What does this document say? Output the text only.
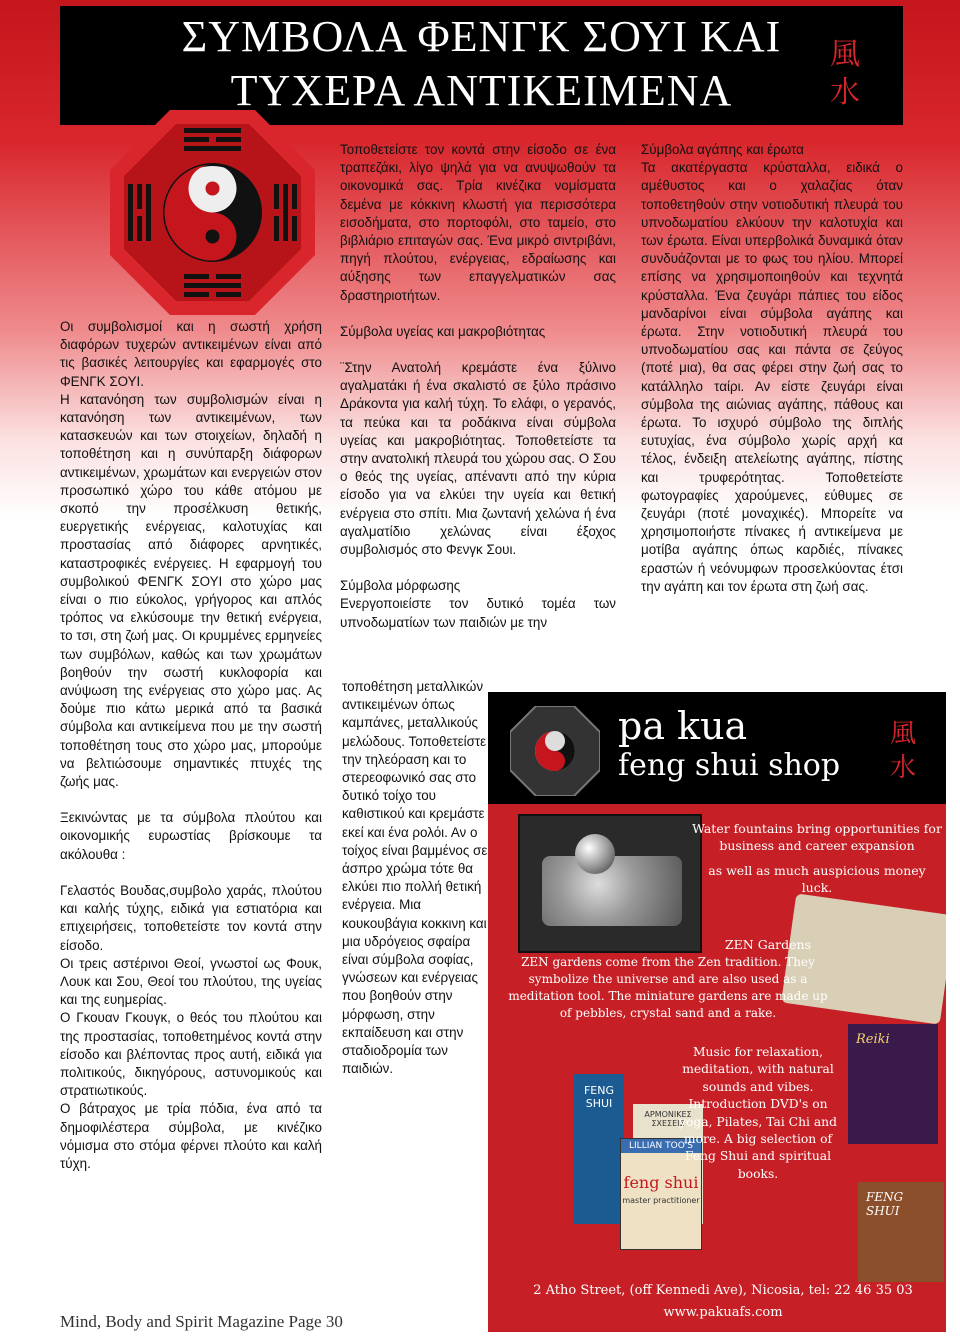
ΣΥΜΒΟΛΑ ΦΕΝΓΚ ΣΟΥΙ ΚΑΙ
ΤΥΧΕΡΑ ΑΝΤΙΚΕΙΜΕΝΑ
風
水

Οι συμβολισμοί και η σωστή χρήση διαφόρων τυχερών αντικειμένων είναι από τις βασικές λειτουργίες και εφαρμογές στο ΦΕΝΓΚ ΣΟΥΙ.

Η κατανόηση των συμβολισμών είναι η κατανόηση των αντικειμένων, των κατασκευών και των στοιχείων, δηλαδή η τοποθέτηση και η συνύπαρξη διάφορων αντικειμένων, χρωμάτων και ενεργειών στον προσωπικό χώρο του κάθε ατόμου με σκοπό την προσέλκυση θετικής, ευεργετικής ενέργειας, καλοτυχίας και προστασίας από διάφορες αρνητικές, καταστροφικές ενέργειες. Η εφαρμογή του συμβολικού ΦΕΝΓΚ ΣΟΥΙ στο χώρο μας είναι ο πιο εύκολος, γρήγορος και απλός τρόπος να ελκύσουμε την θετική ενέργεια, το τσι, στη ζωή μας. Οι κρυμμένες ερμηνείες των συμβόλων, καθώς και των χρωμάτων βοηθούν την σωστή κυκλοφορία και ανύψωση της ενέργειας στο χώρο μας. Ας δούμε πιο κάτω μερικά από τα βασικά σύμβολα και αντικείμενα που με την σωστή τοποθέτηση τους στο χώρο μας, μπορούμε να βελτιώσουμε σημαντικές πτυχές της ζωής μας.

Ξεκινώντας με τα σύμβολα πλούτου και οικονομικής ευρωστίας βρίσκουμε τα ακόλουθα :

Γελαστός Βουδας,συμβολο χαράς, πλούτου και καλής τύχης, ειδικά για εστιατόρια και επιχειρήσεις, τοποθετείστε τον κοντά στην είσοδο.

Οι τρεις αστέρινοι Θεοί, γνωστοί ως Φουκ, Λουκ και Σου, Θεοί του πλούτου, της υγείας και της ευημερίας.

Ο Γκουαν Γκουγκ, ο θεός του πλούτου και της προστασίας, τοποθετημένος κοντά στην είσοδο και βλέποντας προς αυτή, ειδικά για πολιτικούς, δικηγόρους, αστυνομικούς και στρατιωτικούς.

Ο βάτραχος με τρία πόδια, ένα από τα δημοφιλέστερα σύμβολα, με κινέζικο νόμισμα στο στόμα φέρνει πλούτο και καλή τύχη.

Τοποθετείστε τον κοντά στην είσοδο σε ένα τραπεζάκι, λίγο ψηλά για να ανυψωθούν τα οικονομικά σας. Τρία κινέζικα νομίσματα δεμένα με κόκκινη κλωστή για περισσότερα εισοδήματα, στο πορτοφόλι, στο ταμείο, στο βιβλιάριο επιταγών σας. Ένα μικρό σιντριβάνι, πηγή πλούτου, ενέργειας, εδραίωσης και αύξησης των επαγγελματικών σας δραστηριοτήτων.

Σύμβολα υγείας και μακροβιότητας

¨Στην Ανατολή κρεμάστε ένα ξύλινο αγαλματάκι ή ένα σκαλιστό σε ξύλο πράσινο Δράκοντα για καλή τύχη. Το ελάφι, ο γερανός, τα πεύκα και τα ροδάκινα είναι σύμβολα υγείας και μακροβιότητας. Τοποθετείστε τα στην ανατολική πλευρά του χώρου σας. Ο Σου ο θεός της υγείας, απέναντι από την κύρια είσοδο για να ελκύει την υγεία και θετική ενέργεια στο σπίτι. Μια ζωντανή χελώνα ή ένα αγαλματίδιο χελώνας είναι έξοχος συμβολισμός στο Φενγκ Σουι.

Σύμβολα μόρφωσης

Ενεργοποιείστε τον δυτικό τομέα των υπνοδωματίων των παιδιών με την

τοποθέτηση μεταλλικών αντικειμένων όπως καμπάνες, μεταλλικούς μελώδους. Τοποθετείστε την τηλεόραση και το στερεοφωνικό σας στο δυτικό τοίχο του καθιστικού και κρεμάστε εκεί και ένα ρολόι. Αν ο τοίχος είναι βαμμένος σε άσπρο χρώμα τότε θα ελκύει πιο πολλή θετική ενέργεια. Μια κουκουβάγια κοκκινη και μια υδρόγειος σφαίρα είναι σύμβολα σοφίας, γνώσεων και ενέργειας που βοηθούν στην μόρφωση, στην εκπαίδευση και στην σταδιοδρομία των παιδιών.

Σύμβολα αγάπης και έρωτα

Τα ακατέργαστα κρύσταλλα, ειδικά ο αμέθυστος και ο χαλαζίας όταν τοποθετηθούν στην νοτιοδυτική πλευρά του υπνοδωματίου ελκύουν την καλοτυχία και των έρωτα. Είναι υπερβολικά δυναμικά όταν συνδυάζονται με το φως του ηλίου. Μπορεί επίσης να χρησιμοποιηθούν και τεχνητά κρύσταλλα. Ένα ζευγάρι πάπιες του είδος μανδαρίνοι είναι σύμβολα αγάπης και έρωτα. Στην νοτιοδυτική πλευρά του υπνοδωματίου σας και πάντα σε ζεύγος (ποτέ μια), θα σας φέρει στην ζωή σας το κατάλληλο ταίρι. Αν είστε ζευγάρι είναι σύμβολα της αιώνιας αγάπης, πάθους και έρωτα. Το ισχυρό σύμβολο της διπλής ευτυχίας, ένα σύμβολο χωρίς αρχή κα τέλος, ένδειξη ατελείωτης αγάπης, πίστης και τρυφερότητας. Τοποθετείστε φωτογραφίες χαρούμενες, εύθυμες σε ζευγάρι (ποτέ μοναχικές). Μπορείτε να χρησιμοποιήστε πίνακες ή αντικείμενα με μοτίβα αγάπης όπως καρδιές, πίνακες εραστών ή νεόνυμφων προσελκύοντας έτσι την αγάπη και τον έρωτα στη ζωή σας.

pa kua
feng shui shop
風
水
Water fountains bring opportunities for business and career expansion
as well as much auspicious money luck.
ZEN Gardens
ZEN gardens come from the Zen tradition. They symbolize the universe and are also used as a meditation tool. The miniature gardens are made up of pebbles, crystal sand and a rake.
FENG SHUI
ΑΡΜΟΝΙΚΕΣ ΣΧΕΣΕΙΣ
LILLIAN TOO'S
feng shui
master practitioner
Music for relaxation, meditation, with natural sounds and vibes. Introduction DVD's on yoga, Pilates, Tai Chi and more. A big selection of Feng Shui and spiritual books.
Reiki
FENG SHUI
2 Atho Street, (off Kennedi Ave), Nicosia, tel: 22 46 35 03
www.pakuafs.com
Mind, Body and Spirit Magazine Page 30
